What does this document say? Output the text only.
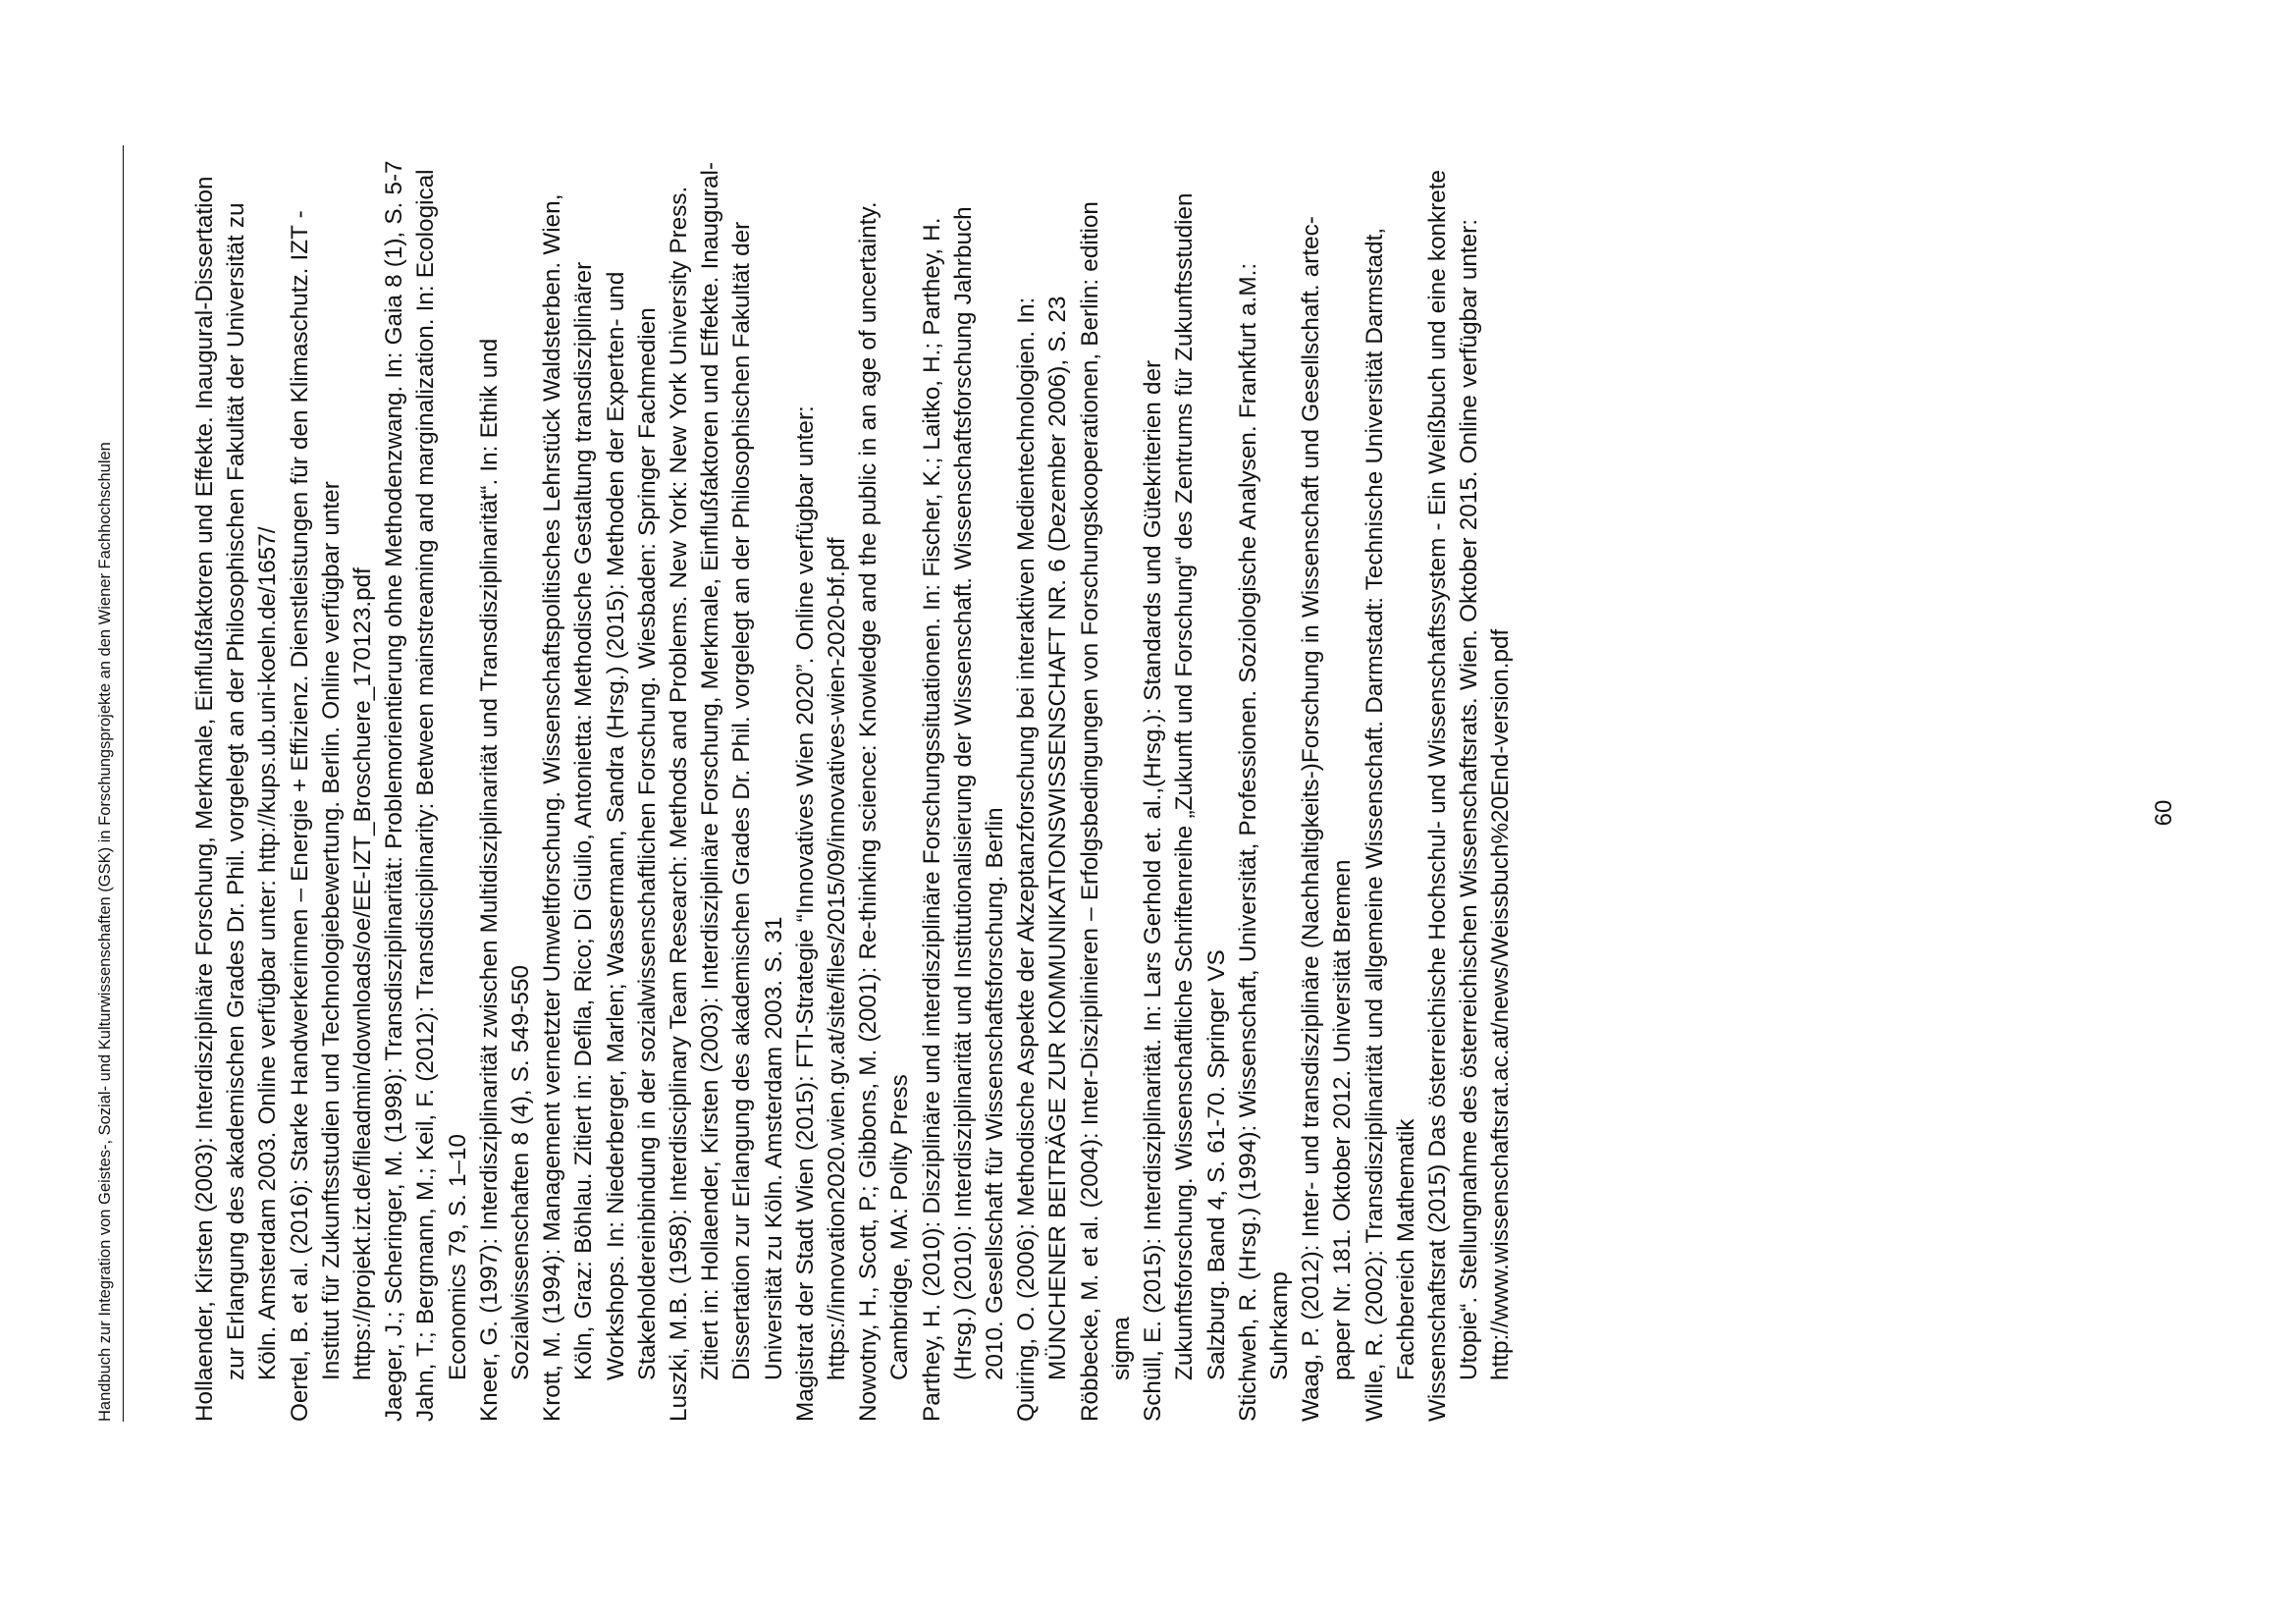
Handbuch zur Integration von Geistes-, Sozial- und Kulturwissenschaften (GSK) in Forschungsprojekte an den Wiener Fachhochschulen	Hollaender, Kirsten (2003): Interdisziplinäre Forschung, Merkmale, Einflußfaktoren und Effekte. Inaugural-Dissertation zur Erlangung des akademischen Grades Dr. Phil. vorgelegt an der Philosophischen Fakultät der Universität zu Köln. Amsterdam 2003. Online verfügbar unter: http://kups.ub.uni-koeln.de/1657/ Oertel, B. et al. (2016): Starke Handwerkerinnen – Energie + Effizienz. Dienstleistungen für den Klimaschutz. IZT - Institut für Zukunftsstudien und Technologiebewertung. Berlin. Online verfügbar unter https://projekt.izt.de/fileadmin/downloads/oe/EE-IZT_Broschuere_170123.pdf Jaeger, J.; Scheringer, M. (1998): Transdisziplinarität: Problemorientierung ohne Methodenzwang. In: Gaia 8 (1), S. 5-7 Jahn, T.; Bergmann, M.; Keil, F. (2012): Transdisciplinarity: Between mainstreaming and marginalization. In: Ecological Economics 79, S. 1–10 Kneer, G. (1997): Interdisziplinarität zwischen Multidisziplinarität und Transdisziplinarität“. In: Ethik und Sozialwissenschaften 8 (4), S. 549-550 Krott, M. (1994): Management vernetzter Umweltforschung. Wissenschaftspolitisches Lehrstück Waldsterben. Wien, Köln, Graz: Böhlau. Zitiert in: Defila, Rico; Di Giulio, Antonietta: Methodische Gestaltung transdisziplinärer Workshops. In: Niederberger, Marlen; Wassermann, Sandra (Hrsg.) (2015): Methoden der Experten- und Stakeholdereinbindung in der sozialwissenschaftlichen Forschung. Wiesbaden: Springer Fachmedien Luszki, M.B. (1958): Interdisciplinary Team Research: Methods and Problems. New York: New York University Press. Zitiert in: Hollaender, Kirsten (2003): Interdisziplinäre Forschung, Merkmale, Einflußfaktoren und Effekte. Inaugural-Dissertation zur Erlangung des akademischen Grades Dr. Phil. vorgelegt an der Philosophischen Fakultät der Universität zu Köln. Amsterdam 2003. S. 31 Magistrat der Stadt Wien (2015): FTI-Strategie “Innovatives Wien 2020”. Online verfügbar unter: https://innovation2020.wien.gv.at/site/files/2015/09/innovatives-wien-2020-bf.pdf Nowotny, H., Scott, P.; Gibbons, M. (2001): Re-thinking science: Knowledge and the public in an age of uncertainty. Cambridge, MA: Polity Press Parthey, H. (2010): Disziplinäre und interdisziplinäre Forschungssituationen. In: Fischer, K.; Laitko, H.; Parthey, H. (Hrsg.) (2010): Interdisziplinarität und Institutionalisierung der Wissenschaft. Wissenschaftsforschung Jahrbuch 2010. Gesellschaft für Wissenschaftsforschung. Berlin Quiring, O. (2006): Methodische Aspekte der Akzeptanzforschung bei interaktiven Medientechnologien. In: MÜNCHENER BEITRÄGE ZUR KOMMUNIKATIONSWISSENSCHAFT NR. 6 (Dezember 2006), S. 23 Röbbecke, M. et al. (2004): Inter-Disziplinieren – Erfolgsbedingungen von Forschungskooperationen, Berlin: edition sigma Schüll, E. (2015): Interdisziplinarität. In: Lars Gerhold et. al.,(Hrsg.): Standards und Gütekriterien der Zukunftsforschung. Wissenschaftliche Schriftenreihe „Zukunft und Forschung“ des Zentrums für Zukunftsstudien Salzburg. Band 4, S. 61-70. Springer VS Stichweh, R. (Hrsg.) (1994): Wissenschaft, Universität, Professionen. Soziologische Analysen. Frankfurt a.M.: Suhrkamp Waag, P. (2012): Inter- und transdisziplinäre (Nachhaltigkeits-)Forschung in Wissenschaft und Gesellschaft. artec-paper Nr. 181. Oktober 2012. Universität Bremen Wille, R. (2002): Transdisziplinarität und allgemeine Wissenschaft. Darmstadt: Technische Universität Darmstadt, Fachbereich Mathematik Wissenschaftsrat (2015) Das österreichische Hochschul- und Wissenschaftssystem - Ein Weißbuch und eine konkrete Utopie“. Stellungnahme des österreichischen Wissenschaftsrats. Wien. Oktober 2015. Online verfügbar unter: http://www.wissenschaftsrat.ac.at/news/Weissbuch%20End-version.pdf	60
